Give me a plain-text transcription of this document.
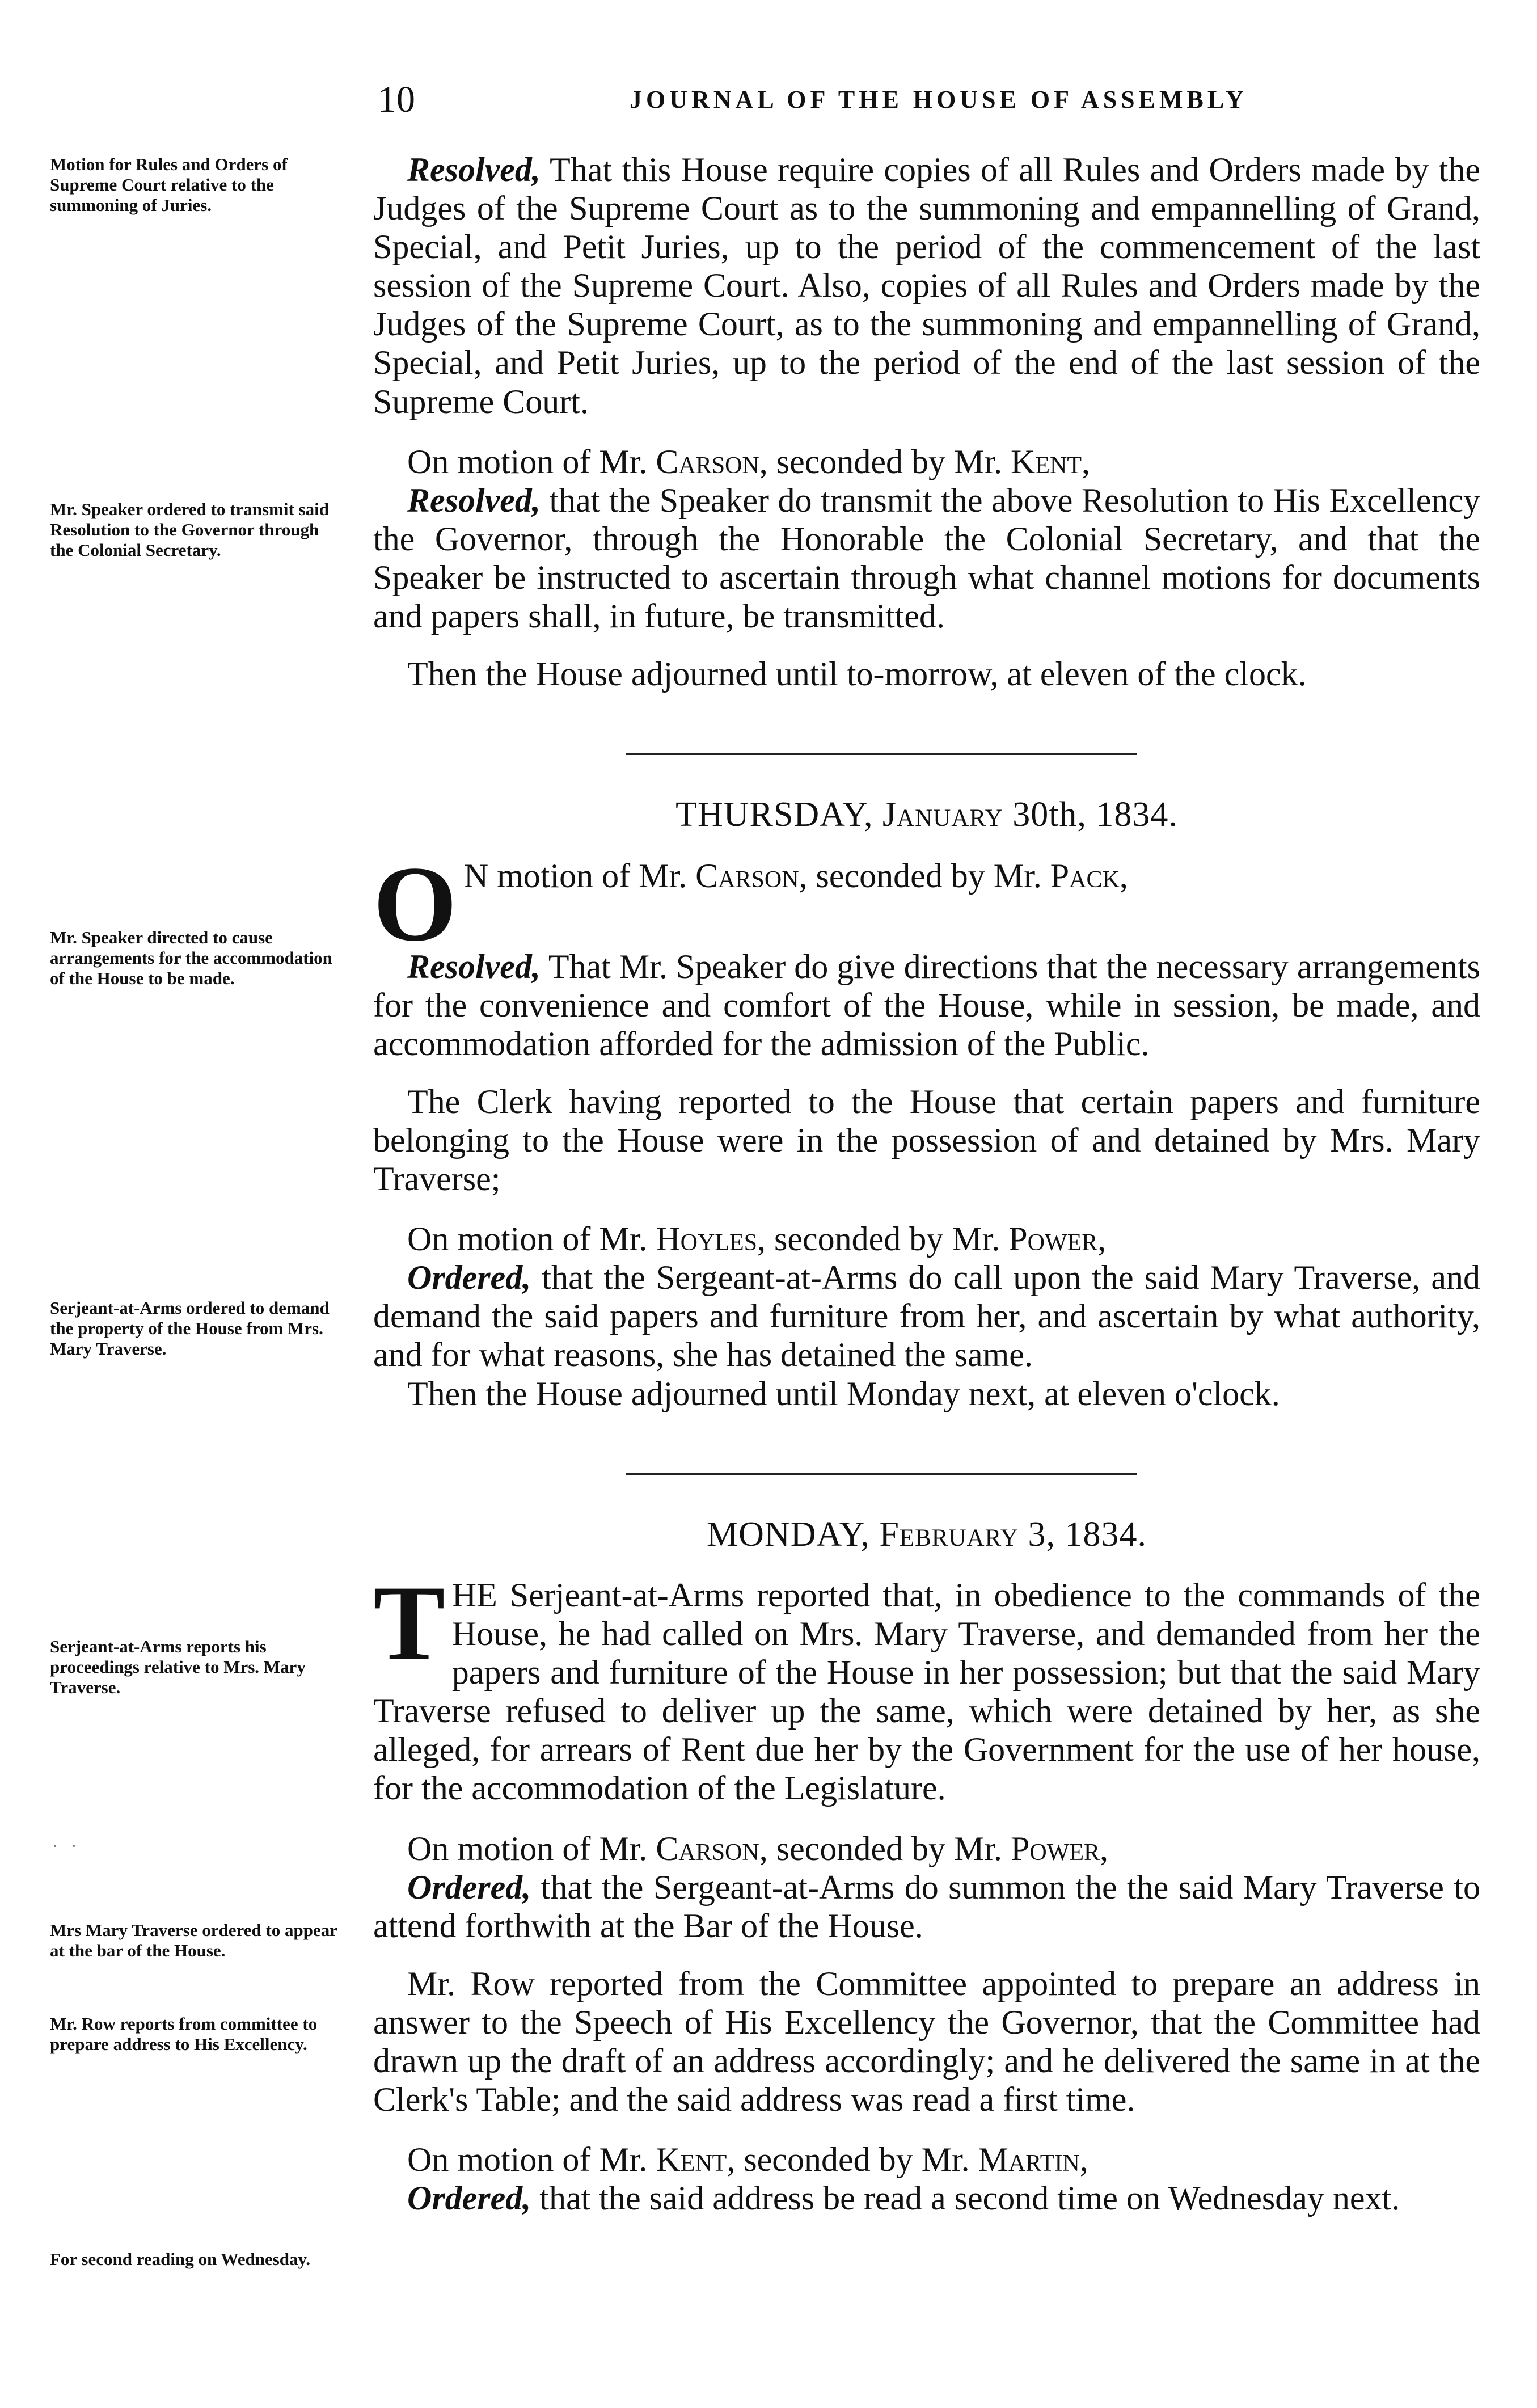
10	JOURNAL OF THE HOUSE OF ASSEMBLY
Motion for Rules and Orders of Supreme Court relative to the summoning of Juries.
Mr. Speaker ordered to transmit said Resolution to the Governor through the Colonial Secretary.
Mr. Speaker directed to cause arrangements for the accommodation of the House to be made.
Serjeant-at-Arms ordered to demand the property of the House from Mrs. Mary Traverse.
Serjeant-at-Arms reports his proceedings relative to Mrs. Mary Traverse.
Mrs Mary Traverse ordered to appear at the bar of the House.
Mr. Row reports from committee to prepare address to His Excellency.
For second reading on Wednesday.
· ·

Resolved, That this House require copies of all Rules and Orders made by the Judges of the Supreme Court as to the summoning and empannelling of Grand, Special, and Petit Juries, up to the period of the commencement of the last session of the Supreme Court. Also, copies of all Rules and Orders made by the Judges of the Supreme Court, as to the summoning and empannelling of Grand, Special, and Petit Juries, up to the period of the end of the last session of the Supreme Court.

On motion of Mr. Carson, seconded by Mr. Kent,

Resolved, that the Speaker do transmit the above Resolution to His Excellency the Governor, through the Honorable the Colonial Secretary, and that the Speaker be instructed to ascertain through what channel motions for documents and papers shall, in future, be transmitted.

Then the House adjourned until to-morrow, at eleven of the clock.

THURSDAY, January 30th, 1834.

O N motion of Mr. Carson, seconded by Mr. Pack,

Resolved, That Mr. Speaker do give directions that the necessary arrangements for the convenience and comfort of the House, while in session, be made, and accommodation afforded for the admission of the Public.

The Clerk having reported to the House that certain papers and furniture belonging to the House were in the possession of and detained by Mrs. Mary Traverse;

On motion of Mr. Hoyles, seconded by Mr. Power,

Ordered, that the Sergeant-at-Arms do call upon the said Mary Traverse, and demand the said papers and furniture from her, and ascertain by what authority, and for what reasons, she has detained the same.

Then the House adjourned until Monday next, at eleven o'clock.

MONDAY, February 3, 1834.

THE Serjeant-at-Arms reported that, in obedience to the commands of the House, he had called on Mrs. Mary Traverse, and demanded from her the papers and furniture of the House in her possession; but that the said Mary Traverse refused to deliver up the same, which were detained by her, as she alleged, for arrears of Rent due her by the Government for the use of her house, for the accommodation of the Legislature.

On motion of Mr. Carson, seconded by Mr. Power,

Ordered, that the Sergeant-at-Arms do summon the the said Mary Traverse to attend forthwith at the Bar of the House.

Mr. Row reported from the Committee appointed to prepare an address in answer to the Speech of His Excellency the Governor, that the Committee had drawn up the draft of an address accordingly; and he delivered the same in at the Clerk's Table; and the said address was read a first time.

On motion of Mr. Kent, seconded by Mr. Martin,

Ordered, that the said address be read a second time on Wednesday next.
